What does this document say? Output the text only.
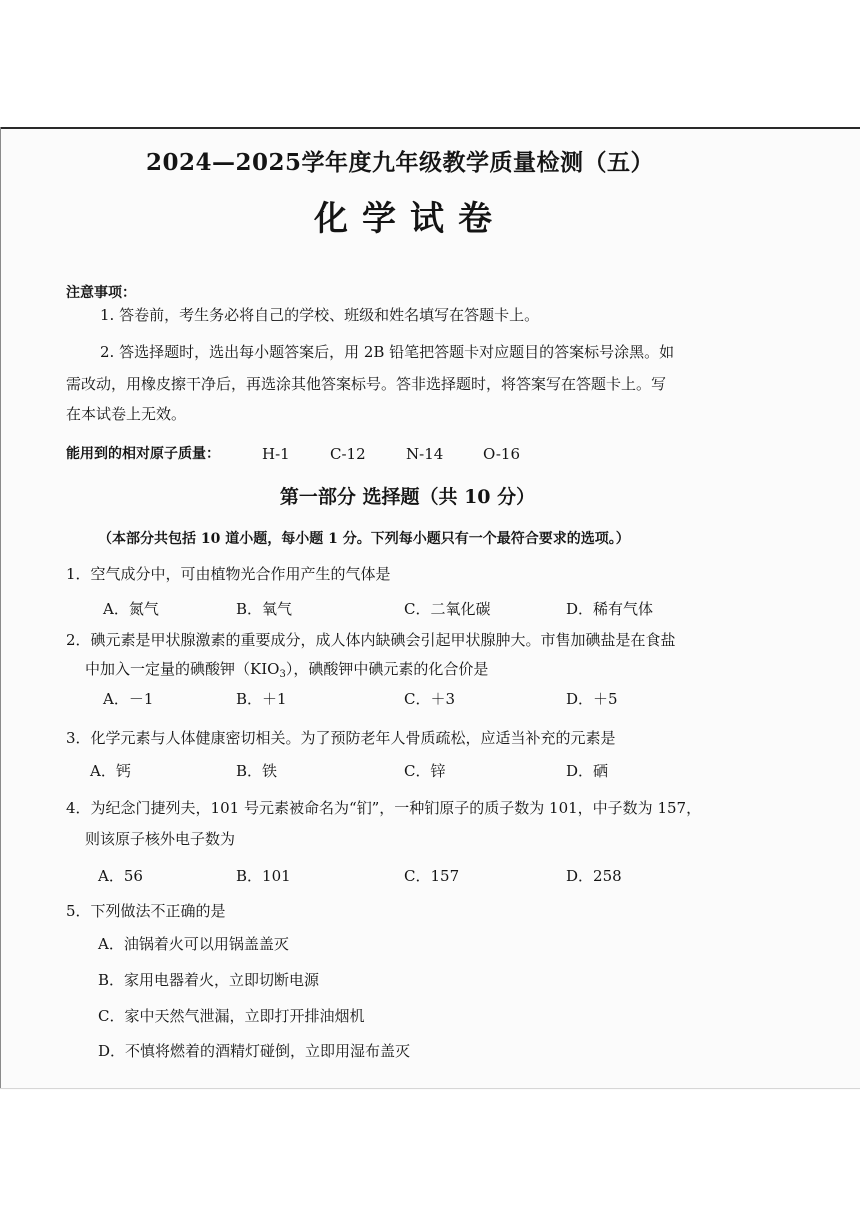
2024—2025学年度九年级教学质量检测（五）
化学试卷
注意事项：
1. 答卷前，考生务必将自己的学校、班级和姓名填写在答题卡上。
2. 答选择题时，选出每小题答案后，用 2B 铅笔把答题卡对应题目的答案标号涂黑。如
需改动，用橡皮擦干净后，再选涂其他答案标号。答非选择题时，将答案写在答题卡上。写
在本试卷上无效。
能用到的相对原子质量：	H-1	C-12	N-14	O-16
第一部分 选择题（共 10 分）
（本部分共包括 10 道小题，每小题 1 分。下列每小题只有一个最符合要求的选项。）
1．空气成分中，可由植物光合作用产生的气体是
A．氮气	B．氧气	C．二氧化碳	D．稀有气体
2．碘元素是甲状腺激素的重要成分，成人体内缺碘会引起甲状腺肿大。市售加碘盐是在食盐
中加入一定量的碘酸钾$(KIO_3)$，碘酸钾中碘元素的化合价是
A．－1	B．＋1	C．＋3	D．＋5
3．化学元素与人体健康密切相关。为了预防老年人骨质疏松，应适当补充的元素是
A．钙	B．铁	C．锌	D．硒
4．为纪念门捷列夫，101 号元素被命名为“钔”，一种钔原子的质子数为 101，中子数为 157，
则该原子核外电子数为
A．56	B．101	C．157	D．258
5．下列做法不正确的是
A．油锅着火可以用锅盖盖灭
B．家用电器着火，立即切断电源
C．家中天然气泄漏，立即打开排油烟机
D．不慎将燃着的酒精灯碰倒，立即用湿布盖灭
